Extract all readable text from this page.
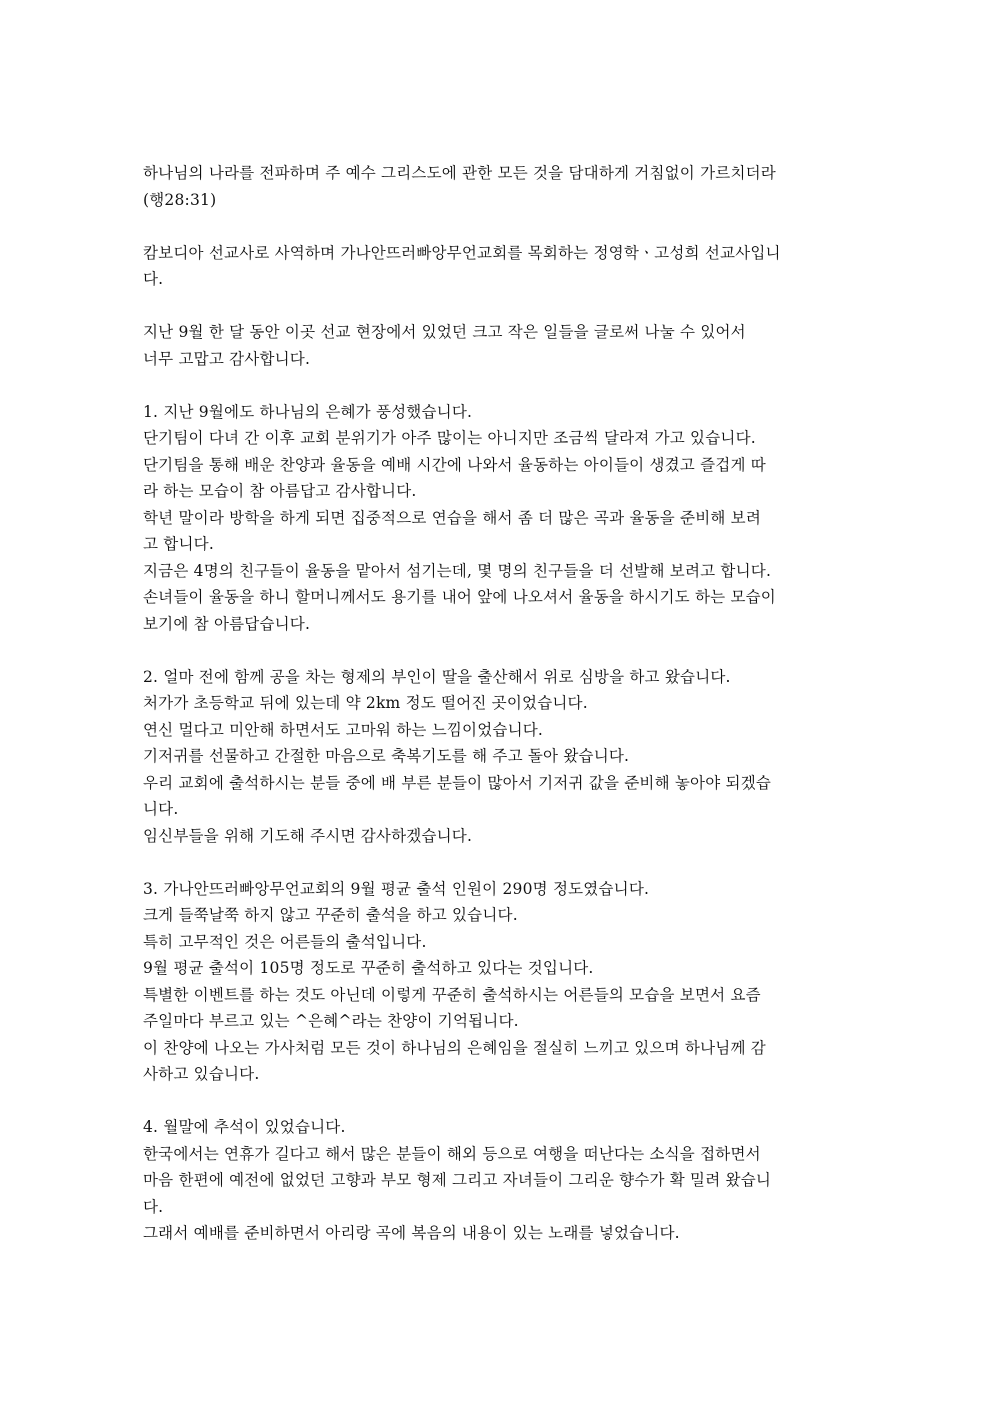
하나님의 나라를 전파하며 주 예수 그리스도에 관한 모든 것을 담대하게 거침없이 가르치더라
(행28:31)

캄보디아 선교사로 사역하며 가나안뜨러빠앙무언교회를 목회하는 정영학ㆍ고성희 선교사입니
다.

지난 9월 한 달 동안 이곳 선교 현장에서 있었던 크고 작은 일들을 글로써 나눌 수 있어서
너무 고맙고 감사합니다.

1. 지난 9월에도 하나님의 은혜가 풍성했습니다.
단기팀이 다녀 간 이후 교회 분위기가 아주 많이는 아니지만 조금씩 달라져 가고 있습니다.
단기팀을 통해 배운 찬양과 율동을 예배 시간에 나와서 율동하는 아이들이 생겼고 즐겁게 따
라 하는 모습이 참 아름답고 감사합니다.
학년 말이라 방학을 하게 되면 집중적으로 연습을 해서 좀 더 많은 곡과 율동을 준비해 보려
고 합니다.
지금은 4명의 친구들이 율동을 맡아서 섬기는데, 몇 명의 친구들을 더 선발해 보려고 합니다.
손녀들이 율동을 하니 할머니께서도 용기를 내어 앞에 나오셔서 율동을 하시기도 하는 모습이
보기에 참 아름답습니다.

2. 얼마 전에 함께 공을 차는 형제의 부인이 딸을 출산해서 위로 심방을 하고 왔습니다.
처가가 초등학교 뒤에 있는데 약 2km 정도 떨어진 곳이었습니다.
연신 멀다고 미안해 하면서도 고마워 하는 느낌이었습니다.
기저귀를 선물하고 간절한 마음으로 축복기도를 해 주고 돌아 왔습니다.
우리 교회에 출석하시는 분들 중에 배 부른 분들이 많아서 기저귀 값을 준비해 놓아야 되겠습
니다.
임신부들을 위해 기도해 주시면 감사하겠습니다.

3. 가나안뜨러빠앙무언교회의 9월 평균 출석 인원이 290명 정도였습니다.
크게 들쭉날쭉 하지 않고 꾸준히 출석을 하고 있습니다.
특히 고무적인 것은 어른들의 출석입니다.
9월 평균 출석이 105명 정도로 꾸준히 출석하고 있다는 것입니다.
특별한 이벤트를 하는 것도 아닌데 이렇게 꾸준히 출석하시는 어른들의 모습을 보면서 요즘
주일마다 부르고 있는 ^은혜^라는 찬양이 기억됩니다.
이 찬양에 나오는 가사처럼 모든 것이 하나님의 은혜임을 절실히 느끼고 있으며 하나님께 감
사하고 있습니다.

4. 월말에 추석이 있었습니다.
한국에서는 연휴가 길다고 해서 많은 분들이 해외 등으로 여행을 떠난다는 소식을 접하면서
마음 한편에 예전에 없었던 고향과 부모 형제 그리고 자녀들이 그리운 향수가 확 밀려 왔습니
다.
그래서 예배를 준비하면서 아리랑 곡에 복음의 내용이 있는 노래를 넣었습니다.
